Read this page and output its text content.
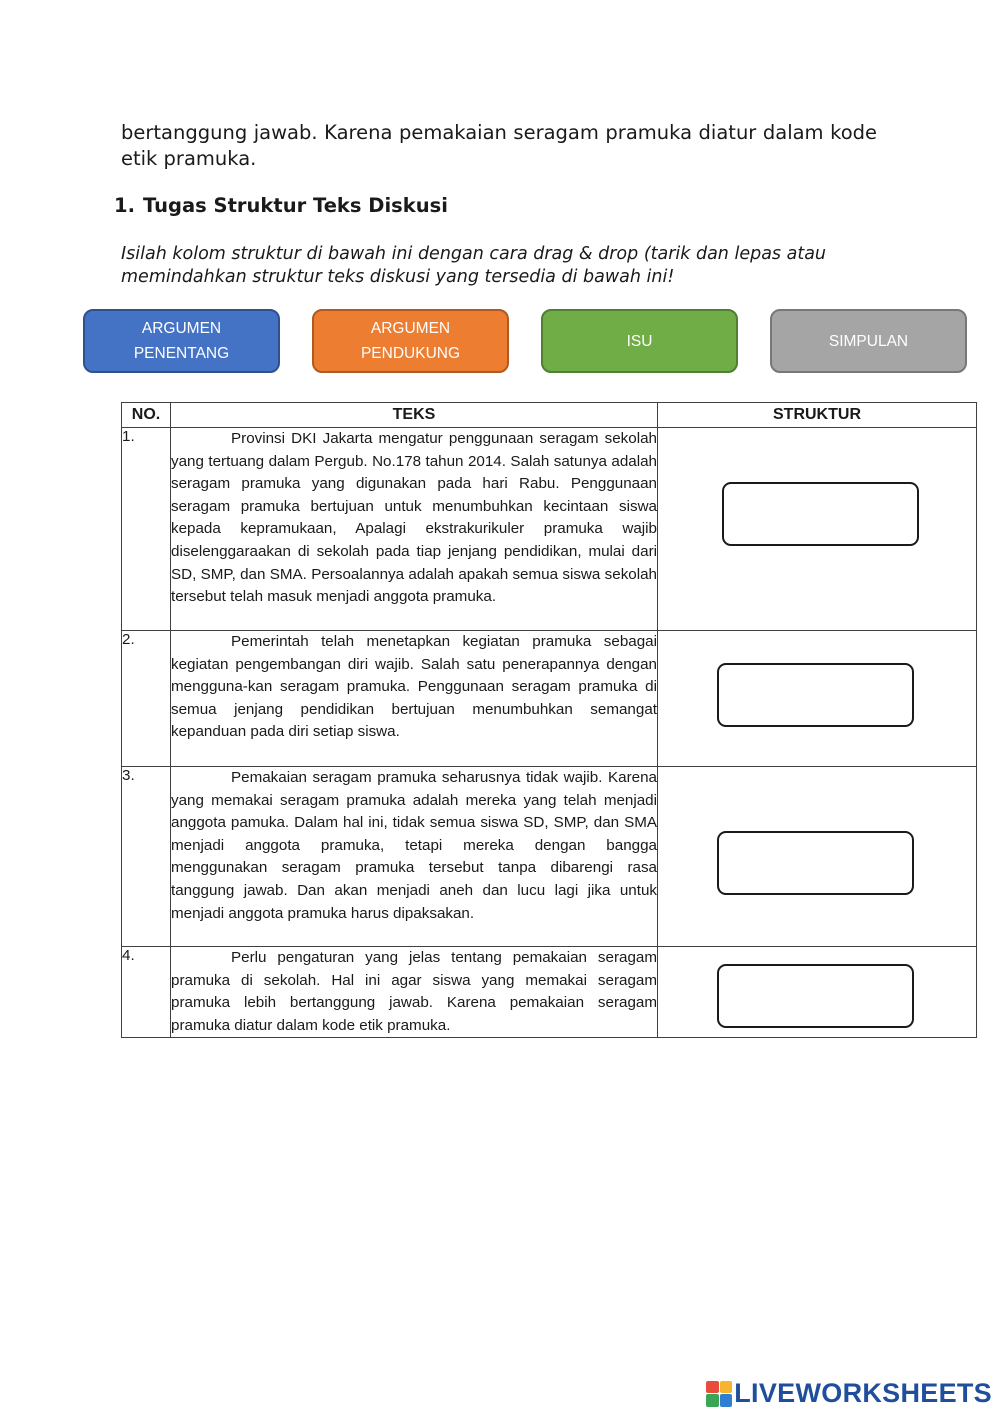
bertanggung jawab. Karena pemakaian seragam pramuka diatur dalam kode etik pramuka.
1. Tugas Struktur Teks Diskusi
Isilah kolom struktur di bawah ini dengan cara drag & drop (tarik dan lepas atau memindahkan struktur teks diskusi yang tersedia di bawah ini!
ARGUMEN PENENTANG
ARGUMEN PENDUKUNG
ISU	SIMPULAN
NO.	TEKS	STRUKTUR
1.	Provinsi DKI Jakarta mengatur penggunaan seragam sekolah yang tertuang dalam Pergub. No.178 tahun 2014. Salah satunya adalah seragam pramuka yang digunakan pada hari Rabu. Penggunaan seragam pramuka bertujuan untuk menumbuhkan kecintaan siswa kepada kepramukaan, Apalagi ekstrakurikuler pramuka wajib diselenggaraakan di sekolah pada tiap jenjang pendidikan, mulai dari SD, SMP, dan SMA. Persoalannya adalah apakah semua siswa sekolah tersebut telah masuk menjadi anggota pramuka.	

2.	Pemerintah telah menetapkan kegiatan pramuka sebagai kegiatan pengembangan diri wajib. Salah satu penerapannya dengan mengguna-kan seragam pramuka. Penggunaan seragam pramuka di semua jenjang pendidikan bertujuan menumbuhkan semangat kepanduan pada diri setiap siswa.	

3.	Pemakaian seragam pramuka seharusnya tidak wajib. Karena yang memakai seragam pramuka adalah mereka yang telah menjadi anggota pamuka. Dalam hal ini, tidak semua siswa SD, SMP, dan SMA menjadi anggota pramuka, tetapi mereka dengan bangga menggunakan seragam pramuka tersebut tanpa dibarengi rasa tanggung jawab. Dan akan menjadi aneh dan lucu lagi jika untuk menjadi anggota pramuka harus dipaksakan.	

4.	Perlu pengaturan yang jelas tentang pemakaian seragam pramuka di sekolah. Hal ini agar siswa yang memakai seragam pramuka lebih bertanggung jawab. Karena pemakaian seragam pramuka diatur dalam kode etik pramuka.	
LIVEWORKSHEETS
